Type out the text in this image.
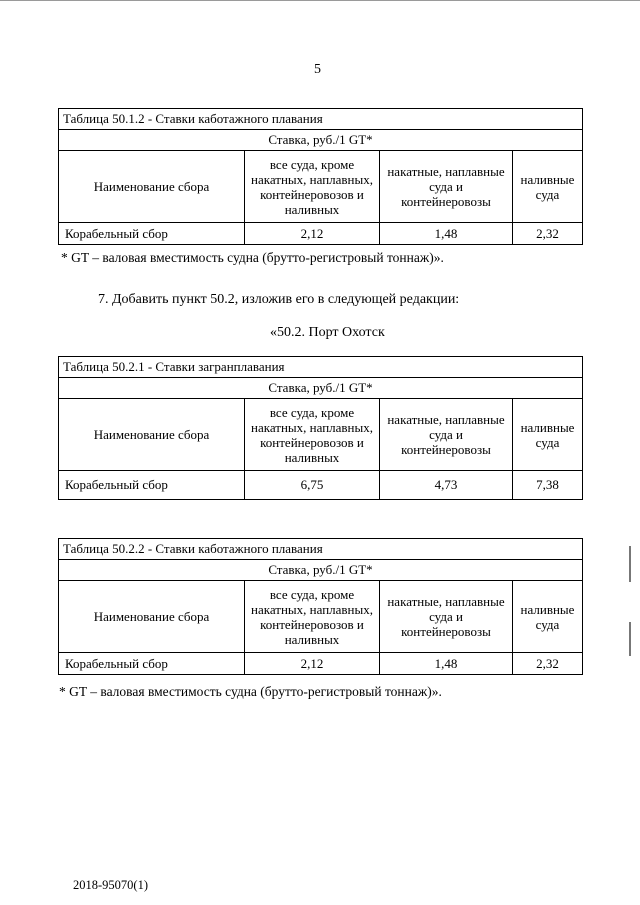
5
Таблица 50.1.2 - Ставки каботажного плавания			
Ставка, руб./1 GT*			
Наименование сбора	все суда, кроме накатных, наплавных, контейнеровозов и наливных	накатные, наплавные суда и контейнеровозы	наливные суда
Корабельный сбор	2,12	1,48	2,32
* GT – валовая вместимость судна (брутто-регистровый тоннаж)».
7. Добавить пункт 50.2, изложив его в следующей редакции:
«50.2. Порт Охотск
Таблица 50.2.1 - Ставки загранплавания			
Ставка, руб./1 GT*			
Наименование сбора	все суда, кроме накатных, наплавных, контейнеровозов и наливных	накатные, наплавные суда и контейнеровозы	наливные суда
Корабельный сбор	6,75	4,73	7,38
Таблица 50.2.2 - Ставки каботажного плавания			
Ставка, руб./1 GT*			
Наименование сбора	все суда, кроме накатных, наплавных, контейнеровозов и наливных	накатные, наплавные суда и контейнеровозы	наливные суда
Корабельный сбор	2,12	1,48	2,32
* GT – валовая вместимость судна (брутто-регистровый тоннаж)».
2018-95070(1)
